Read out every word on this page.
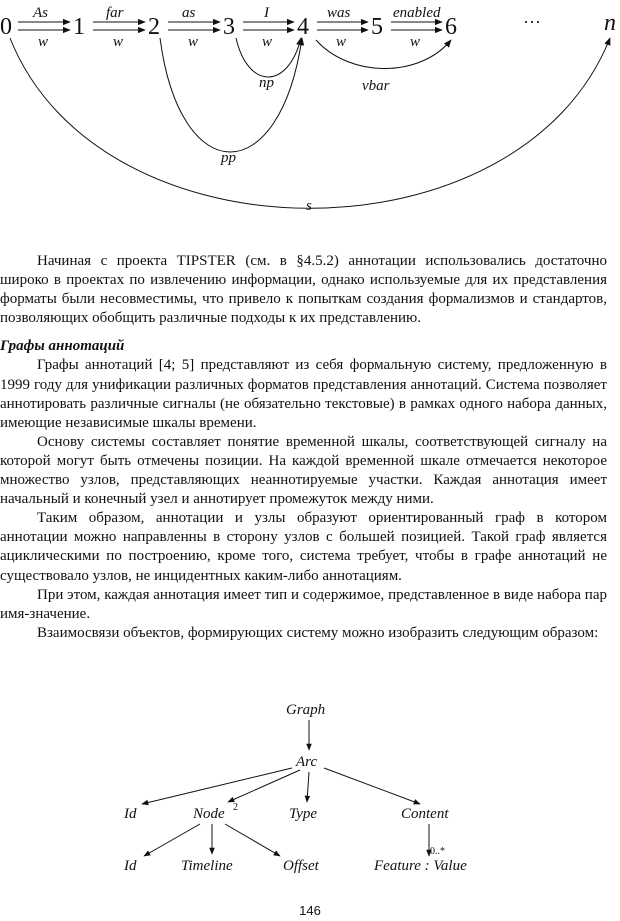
0	1	2	3	4	5	6	···	n
As	far	as	I	was	enabled
w	w	w	w	w	w
np	vbar
pp
s

Начиная с проекта TIPSTER (см. в §4.5.2) аннотации использовались достаточно широко в проектах по извлечению информации, однако используемые для их представления форматы были несовместимы, что привело к попыткам создания формализмов и стандартов, позволяющих обобщить различные подходы к их представлению.

Графы аннотаций

Графы аннотаций [4; 5] представляют из себя формальную систему, предложенную в 1999 году для унификации различных форматов представления аннотаций. Система позволяет аннотировать различные сигналы (не обязательно текстовые) в рамках одного набора данных, имеющие независимые шкалы времени.

Основу системы составляет понятие временной шкалы, соответствующей сигналу на которой могут быть отмечены позиции. На каждой временной шкале отмечается некоторое множество узлов, представляющих неаннотируемые участки. Каждая аннотация имеет начальный и конечный узел и аннотирует промежуток между ними.

Таким образом, аннотации и узлы образуют ориентированный граф в котором аннотации можно направленны в сторону узлов с большей позицией. Такой граф является ациклическими по построению, кроме того, система требует, чтобы в графе аннотаций не существовало узлов, не инцидентных каким-либо аннотациям.

При этом, каждая аннотация имеет тип и содержимое, представленное в виде набора пар имя-значение.

Взаимосвязи объектов, формирующих систему можно изобразить следующим образом:

Graph
Arc
Id	Node 2	Type	Content
Id	Timeline	Offset
0..*
Feature : Value
146
